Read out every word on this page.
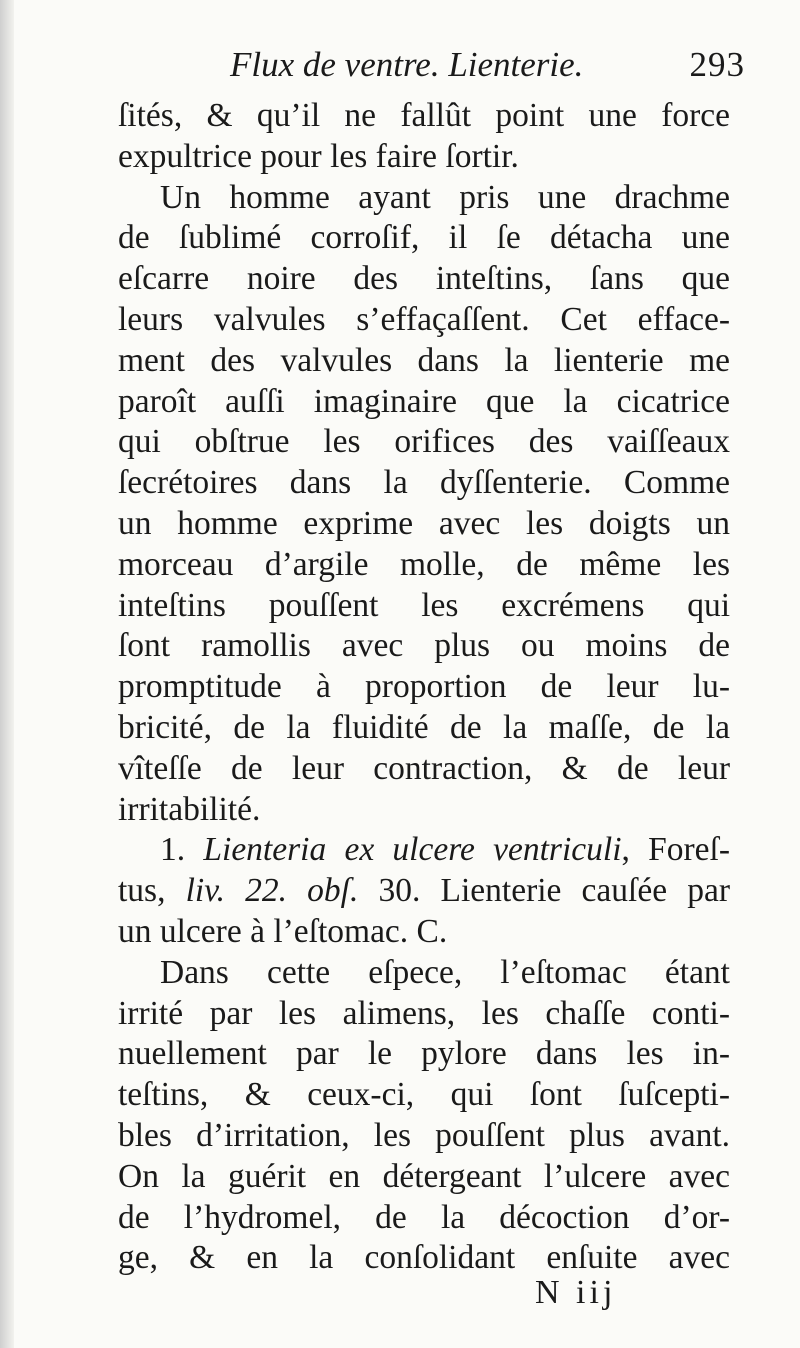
Flux de ventre. Lienterie.	293
ſités, & qu’il ne fallût point une force
expultrice pour les faire ſortir.
Un homme ayant pris une drachme
de ſublimé corroſif, il ſe détacha une
eſcarre noire des inteſtins, ſans que
leurs valvules s’effaçaſſent. Cet efface-
ment des valvules dans la lienterie me
paroît auſſi imaginaire que la cicatrice
qui obſtrue les orifices des vaiſſeaux
ſecrétoires dans la dyſſenterie. Comme
un homme exprime avec les doigts un
morceau d’argile molle, de même les
inteſtins pouſſent les excrémens qui
ſont ramollis avec plus ou moins de
promptitude à proportion de leur lu-
bricité, de la fluidité de la maſſe, de la
vîteſſe de leur contraction, & de leur
irritabilité.
1. Lienteria ex ulcere ventriculi, Foreſ-
tus, liv. 22. obſ. 30. Lienterie cauſée par
un ulcere à l’eſtomac. C.
Dans cette eſpece, l’eſtomac étant
irrité par les alimens, les chaſſe conti-
nuellement par le pylore dans les in-
teſtins, & ceux-ci, qui ſont ſuſcepti-
bles d’irritation, les pouſſent plus avant.
On la guérit en détergeant l’ulcere avec
de l’hydromel, de la décoction d’or-
ge, & en la conſolidant enſuite avec
N iij
